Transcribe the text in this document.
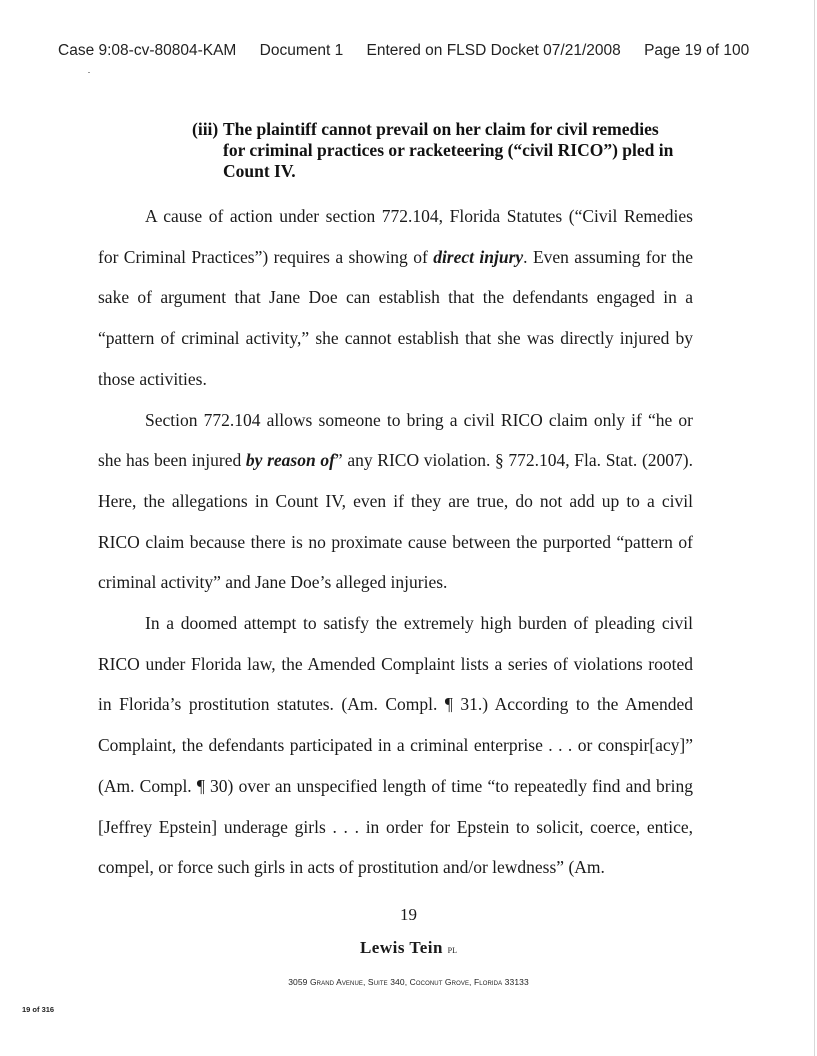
Case 9:08-cv-80804-KAM Document 1 Entered on FLSD Docket 07/21/2008 Page 19 of 100
(iii) The plaintiff cannot prevail on her claim for civil remedies
for criminal practices or racketeering (“civil RICO”) pled in
Count IV.

A cause of action under section 772.104, Florida Statutes (“Civil Remedies for Criminal Practices”) requires a showing of direct injury. Even assuming for the sake of argument that Jane Doe can establish that the defendants engaged in a “pattern of criminal activity,” she cannot establish that she was directly injured by those activities.

Section 772.104 allows someone to bring a civil RICO claim only if “he or she has been injured by reason of” any RICO violation. § 772.104, Fla. Stat. (2007). Here, the allegations in Count IV, even if they are true, do not add up to a civil RICO claim because there is no proximate cause between the purported “pattern of criminal activity” and Jane Doe’s alleged injuries.

In a doomed attempt to satisfy the extremely high burden of pleading civil RICO under Florida law, the Amended Complaint lists a series of violations rooted in Florida’s prostitution statutes. (Am. Compl. ¶ 31.) According to the Amended Complaint, the defendants participated in a criminal enterprise . . . or conspir[acy]” (Am. Compl. ¶ 30) over an unspecified length of time “to repeatedly find and bring [Jeffrey Epstein] underage girls . . . in order for Epstein to solicit, coerce, entice, compel, or force such girls in acts of prostitution and/or lewdness” (Am.

19
Lewis Tein PL
3059 Grand Avenue, Suite 340, Coconut Grove, Florida 33133
19 of 316
